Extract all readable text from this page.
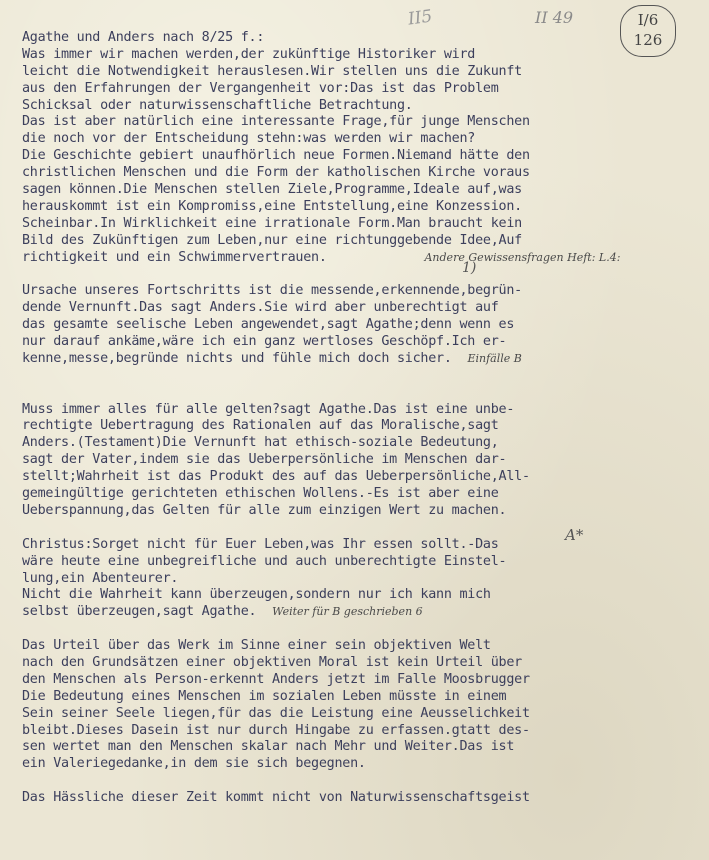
II5	II 49	I/6
126
1)
A*
Agathe und Anders nach 8/25 f.:
Was immer wir machen werden,der zukünftige Historiker wird
leicht die Notwendigkeit herauslesen.Wir stellen uns die Zukunft
aus den Erfahrungen der Vergangenheit vor:Das ist das Problem
Schicksal oder naturwissenschaftliche Betrachtung.
Das ist aber natürlich eine interessante Frage,für junge Menschen
die noch vor der Entscheidung stehn:was werden wir machen?
Die Geschichte gebiert unaufhörlich neue Formen.Niemand hätte den
christlichen Menschen und die Form der katholischen Kirche voraus
sagen können.Die Menschen stellen Ziele,Programme,Ideale auf,was
herauskommt ist ein Kompromiss,eine Entstellung,eine Konzession.
Scheinbar.In Wirklichkeit eine irrationale Form.Man braucht kein
Bild des Zukünftigen zum Leben,nur eine richtunggebende Idee,Auf
richtigkeit und ein Schwimmervertrauen.	Andere Gewissensfragen Heft: L.4:
Ursache unseres Fortschritts ist die messende,erkennende,begrün-
dende Vernunft.Das sagt Anders.Sie wird aber unberechtigt auf
das gesamte seelische Leben angewendet,sagt Agathe;denn wenn es
nur darauf ankäme,wäre ich ein ganz wertloses Geschöpf.Ich er-
kenne,messe,begründe nichts und fühle mich doch sicher. Einfälle B
Muss immer alles für alle gelten?sagt Agathe.Das ist eine unbe-
rechtigte Uebertragung des Rationalen auf das Moralische,sagt
Anders.(Testament)Die Vernunft hat ethisch-soziale Bedeutung,
sagt der Vater,indem sie das Ueberpersönliche im Menschen dar-
stellt;Wahrheit ist das Produkt des auf das Ueberpersönliche,All-
gemeingültige gerichteten ethischen Wollens.-Es ist aber eine
Ueberspannung,das Gelten für alle zum einzigen Wert zu machen.
Christus:Sorget nicht für Euer Leben,was Ihr essen sollt.-Das
wäre heute eine unbegreifliche und auch unberechtigte Einstel-
lung,ein Abenteurer.
Nicht die Wahrheit kann überzeugen,sondern nur ich kann mich
selbst überzeugen,sagt Agathe. Weiter für B geschrieben 6
Das Urteil über das Werk im Sinne einer sein objektiven Welt
nach den Grundsätzen einer objektiven Moral ist kein Urteil über
den Menschen als Person-erkennt Anders jetzt im Falle Moosbrugger
Die Bedeutung eines Menschen im sozialen Leben müsste in einem
Sein seiner Seele liegen,für das die Leistung eine Aeusselichkeit
bleibt.Dieses Dasein ist nur durch Hingabe zu erfassen.gtatt des-
sen wertet man den Menschen skalar nach Mehr und Weiter.Das ist
ein Valeriegedanke,in dem sie sich begegnen.
Das Hässliche dieser Zeit kommt nicht von Naturwissenschaftsgeist
